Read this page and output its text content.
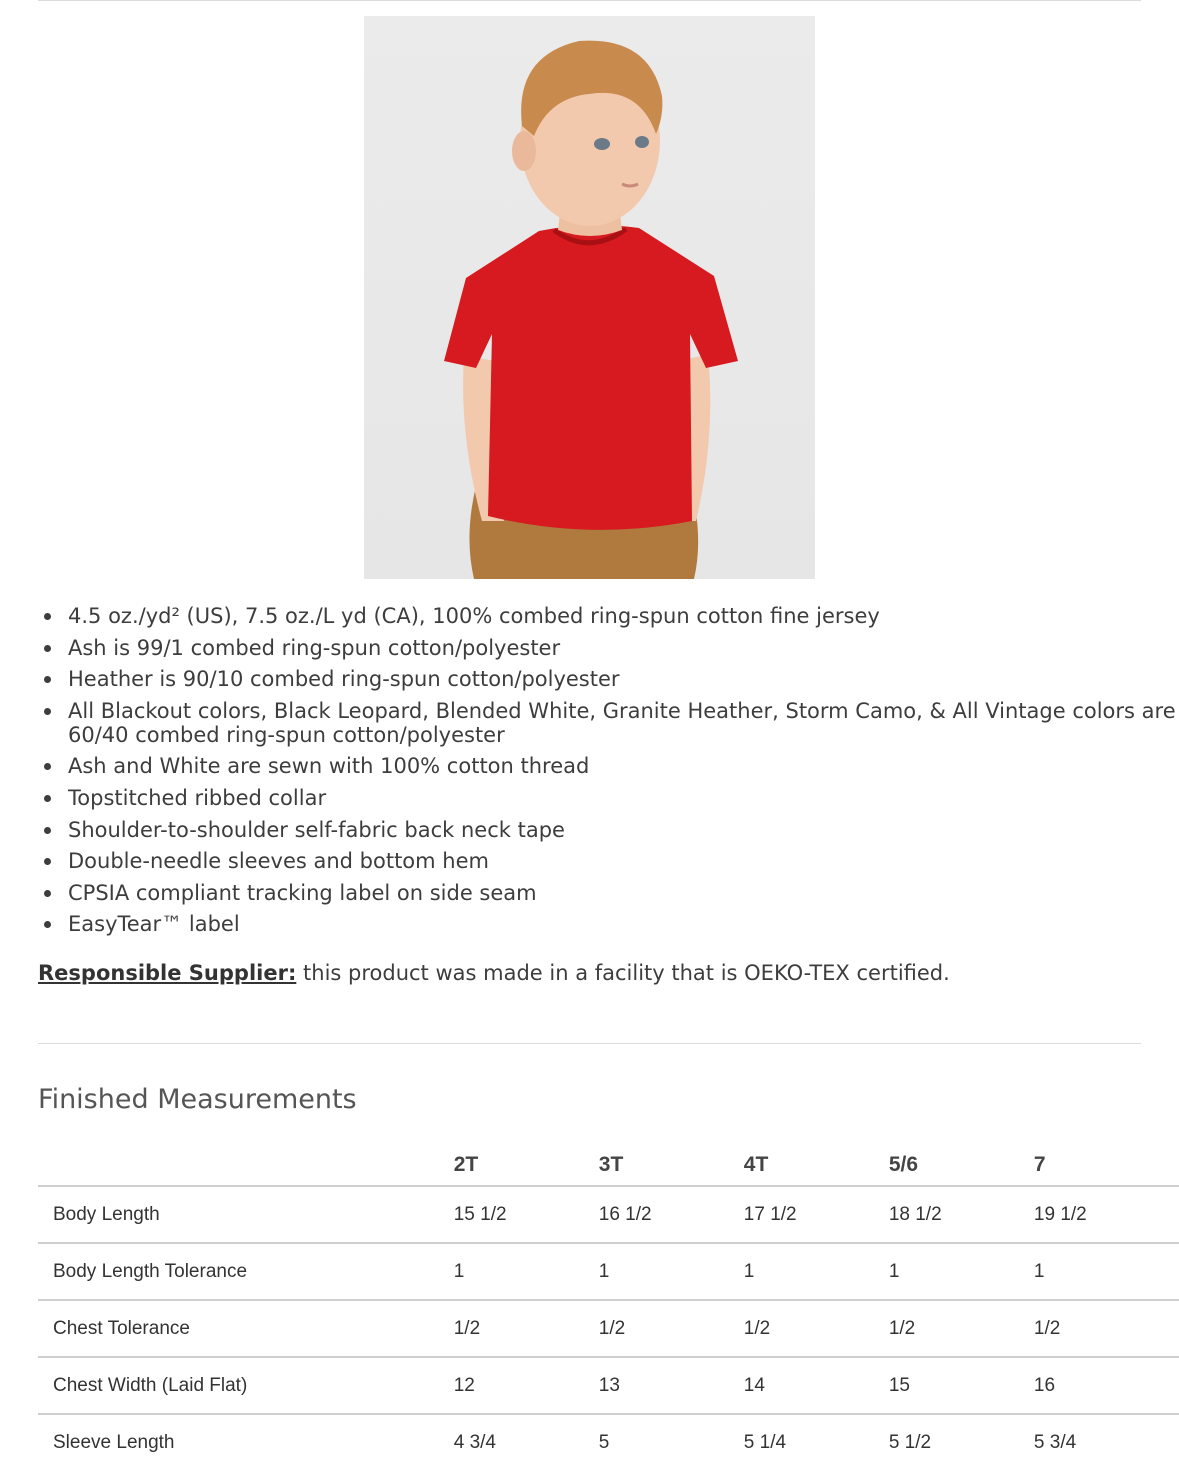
4.5 oz./yd² (US), 7.5 oz./L yd (CA), 100% combed ring-spun cotton fine jersey
Ash is 99/1 combed ring-spun cotton/polyester
Heather is 90/10 combed ring-spun cotton/polyester
All Blackout colors, Black Leopard, Blended White, Granite Heather, Storm Camo, & All Vintage colors are 60/40 combed ring-spun cotton/polyester
Ash and White are sewn with 100% cotton thread
Topstitched ribbed collar
Shoulder-to-shoulder self-fabric back neck tape
Double-needle sleeves and bottom hem
CPSIA compliant tracking label on side seam
EasyTear™ label
Responsible Supplier: this product was made in a facility that is OEKO-TEX certified.
Finished Measurements
	2T	3T	4T	5/6	7
Body Length	15 1/2	16 1/2	17 1/2	18 1/2	19 1/2
Body Length Tolerance	1	1	1	1	1
Chest Tolerance	1/2	1/2	1/2	1/2	1/2
Chest Width (Laid Flat)	12	13	14	15	16
Sleeve Length	4 3/4	5	5 1/4	5 1/2	5 3/4
